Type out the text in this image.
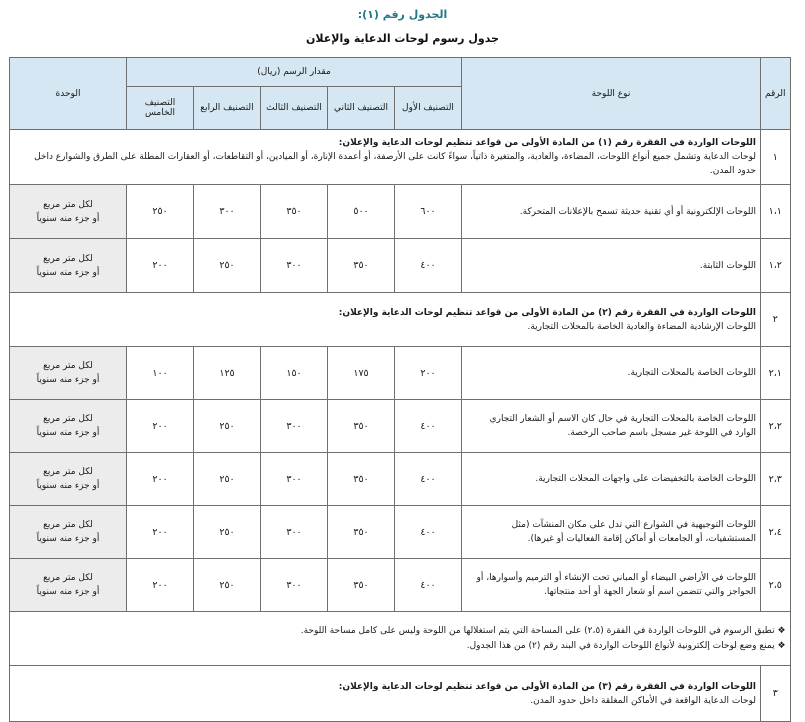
الجدول رقم (١):
جدول رسوم لوحات الدعاية والإعلان
الرقم	نوع اللوحة	مقدار الرسم (ريال)					الوحدة
		التصنيف الأول	التصنيف الثاني	التصنيف الثالث	التصنيف الرابع	التصنيف الخامس	
١	اللوحات الواردة في الفقرة رقم (١) من المادة الأولى من قواعد تنظيم لوحات الدعاية والإعلان:
لوحات الدعاية وتشمل جميع أنواع اللوحات، المضاءة، والعادية، والمتغيرة ذاتياً، سواءً كانت على الأرصفة، أو أعمدة الإنارة، أو الميادين، أو التقاطعات، أو العقارات المطلة على الطرق والشوارع داخل حدود المدن.						
١،١	اللوحات الإلكترونية أو أي تقنية حديثة تسمح بالإعلانات المتحركة.	٦٠٠	٥٠٠	٣٥٠	٣٠٠	٢٥٠	لكل متر مربع
أو جزء منه سنوياً
١،٢	اللوحات الثابتة.	٤٠٠	٣٥٠	٣٠٠	٢٥٠	٢٠٠	لكل متر مربع
أو جزء منه سنوياً
٢	اللوحات الواردة في الفقرة رقم (٢) من المادة الأولى من قواعد تنظيم لوحات الدعاية والإعلان:
اللوحات الإرشادية المضاءة والعادية الخاصة بالمحلات التجارية.						
٢،١	اللوحات الخاصة بالمحلات التجارية.	٢٠٠	١٧٥	١٥٠	١٢٥	١٠٠	لكل متر مربع
أو جزء منه سنوياً
٢،٢	اللوحات الخاصة بالمحلات التجارية في حال كان الاسم أو الشعار التجاري الوارد في اللوحة غير مسجل باسم صاحب الرخصة.	٤٠٠	٣٥٠	٣٠٠	٢٥٠	٢٠٠	لكل متر مربع
أو جزء منه سنوياً
٢،٣	اللوحات الخاصة بالتخفيضات على واجهات المحلات التجارية.	٤٠٠	٣٥٠	٣٠٠	٢٥٠	٢٠٠	لكل متر مربع
أو جزء منه سنوياً
٢،٤	اللوحات التوجيهية في الشوارع التي تدل على مكان المنشآت (مثل المستشفيات، أو الجامعات أو أماكن إقامة الفعاليات أو غيرها).	٤٠٠	٣٥٠	٣٠٠	٢٥٠	٢٠٠	لكل متر مربع
أو جزء منه سنوياً
٢،٥	اللوحات في الأراضي البيضاء أو المباني تحت الإنشاء أو الترميم وأسوارها، أو الحواجز والتي تتضمن اسم أو شعار الجهة أو أحد منتجاتها.	٤٠٠	٣٥٠	٣٠٠	٢٥٠	٢٠٠	لكل متر مربع
أو جزء منه سنوياً
❖ تطبق الرسوم في اللوحات الواردة في الفقرة (٢،٥) على المساحة التي يتم استغلالها من اللوحة وليس على كامل مساحة اللوحة.
❖ يمنع وضع لوحات إلكترونية لأنواع اللوحات الواردة في البند رقم (٢) من هذا الجدول.							
٣	اللوحات الواردة في الفقرة رقم (٣) من المادة الأولى من قواعد تنظيم لوحات الدعاية والإعلان:
لوحات الدعاية الواقعة في الأماكن المغلقة داخل حدود المدن.						
